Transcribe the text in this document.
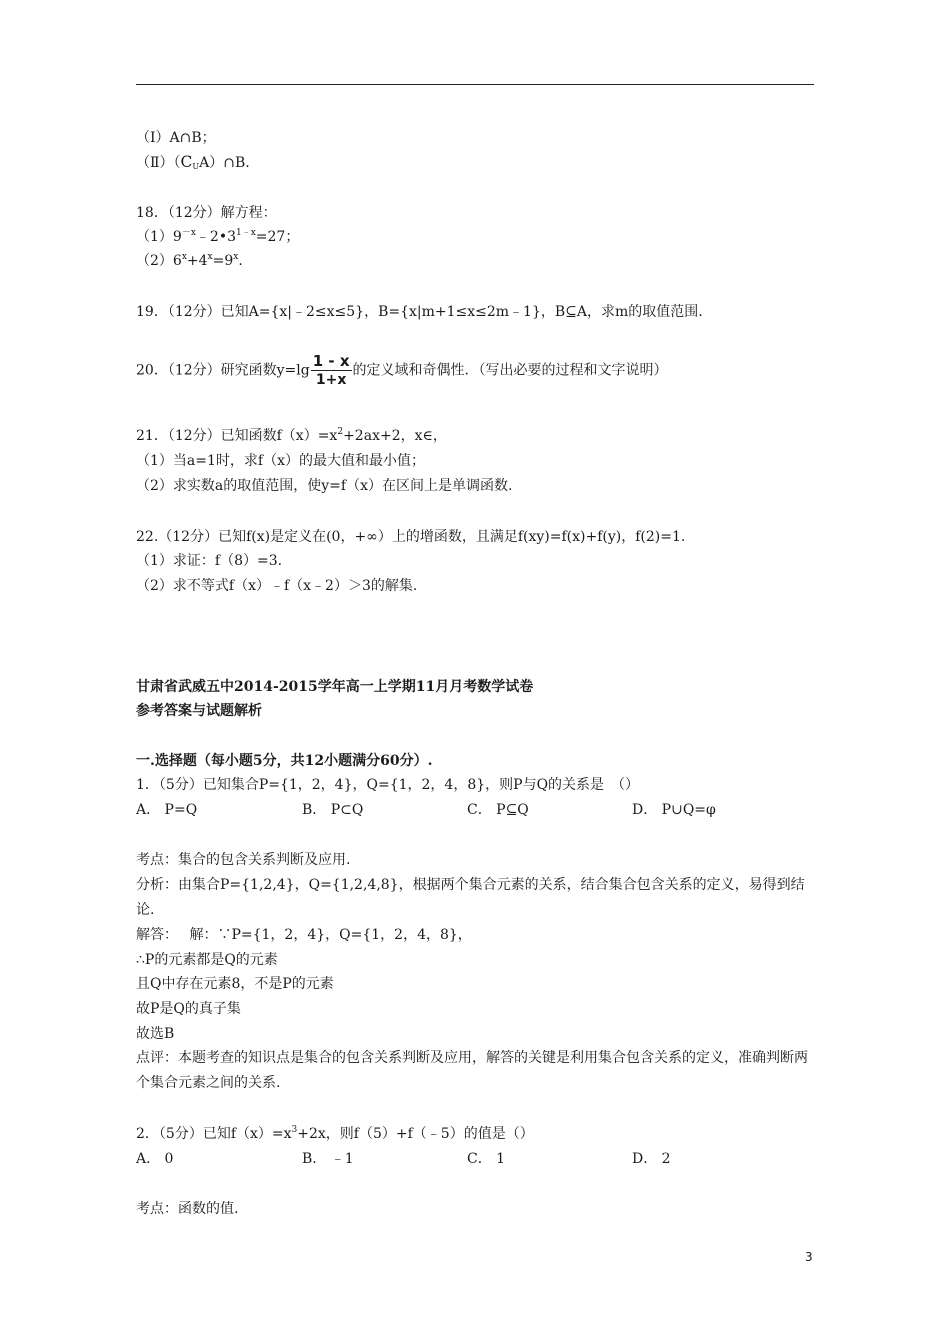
（Ⅰ）A∩B；
$(Ⅱ)(C_UA)\cap B$.
18．（12分）解方程：
$(1)9^{-x}﹣2•3^{1﹣x}=27$；
$(2)6^x+4^x=9^x$.
19．（12分）已知A={x|﹣2≤x≤5}，B={x|m+1≤x≤2m﹣1}，B⊆A，求m的取值范围.
20．（12分）研究函数$y=\lg \frac{1 - x}{1+x}$ 的定义域和奇偶性．（写出必要的过程和文字说明）
21．（12分）已知函数$f(x)=x^2+2ax+2$，x∈，
（1）当a=1时，求f（x）的最大值和最小值；
（2）求实数a的取值范围，使y=f（x）在区间上是单调函数.
22.（12分）已知f(x)是定义在(0，+∞）上的增函数，且满足f(xy)=f(x)+f(y)，f(2)=1.
（1）求证：f（8）=3.
（2）求不等式f（x）﹣f（x﹣2）＞3的解集.
甘肃省武威五中2014-2015学年高一上学期11月月考数学试卷
参考答案与试题解析
一.选择题（每小题5分，共12小题满分60分）.
1．（5分）已知集合P={1，2，4}，Q={1，2，4，8}，则P与Q的关系是　（）
A． P=Q	B． P⊂Q	C． P⊆Q	D． P∪Q=φ
考点：集合的包含关系判断及应用.
分析：由集合P={1,2,4}，Q={1,2,4,8}，根据两个集合元素的关系，结合集合包含关系的定义，易得到结论.
解答：　 解：∵P={1，2，4}，Q={1，2，4，8}，
∴P的元素都是Q的元素
且Q中存在元素8，不是P的元素
故P是Q的真子集
故选B
点评：本题考查的知识点是集合的包含关系判断及应用，解答的关键是利用集合包含关系的定义，准确判断两个集合元素之间的关系.
2．（5分）已知$f(x)=x^3+2x$，则f（5）+f（﹣5）的值是（）
A． 0	B． ﹣1	C． 1	D． 2
考点：函数的值.
3
